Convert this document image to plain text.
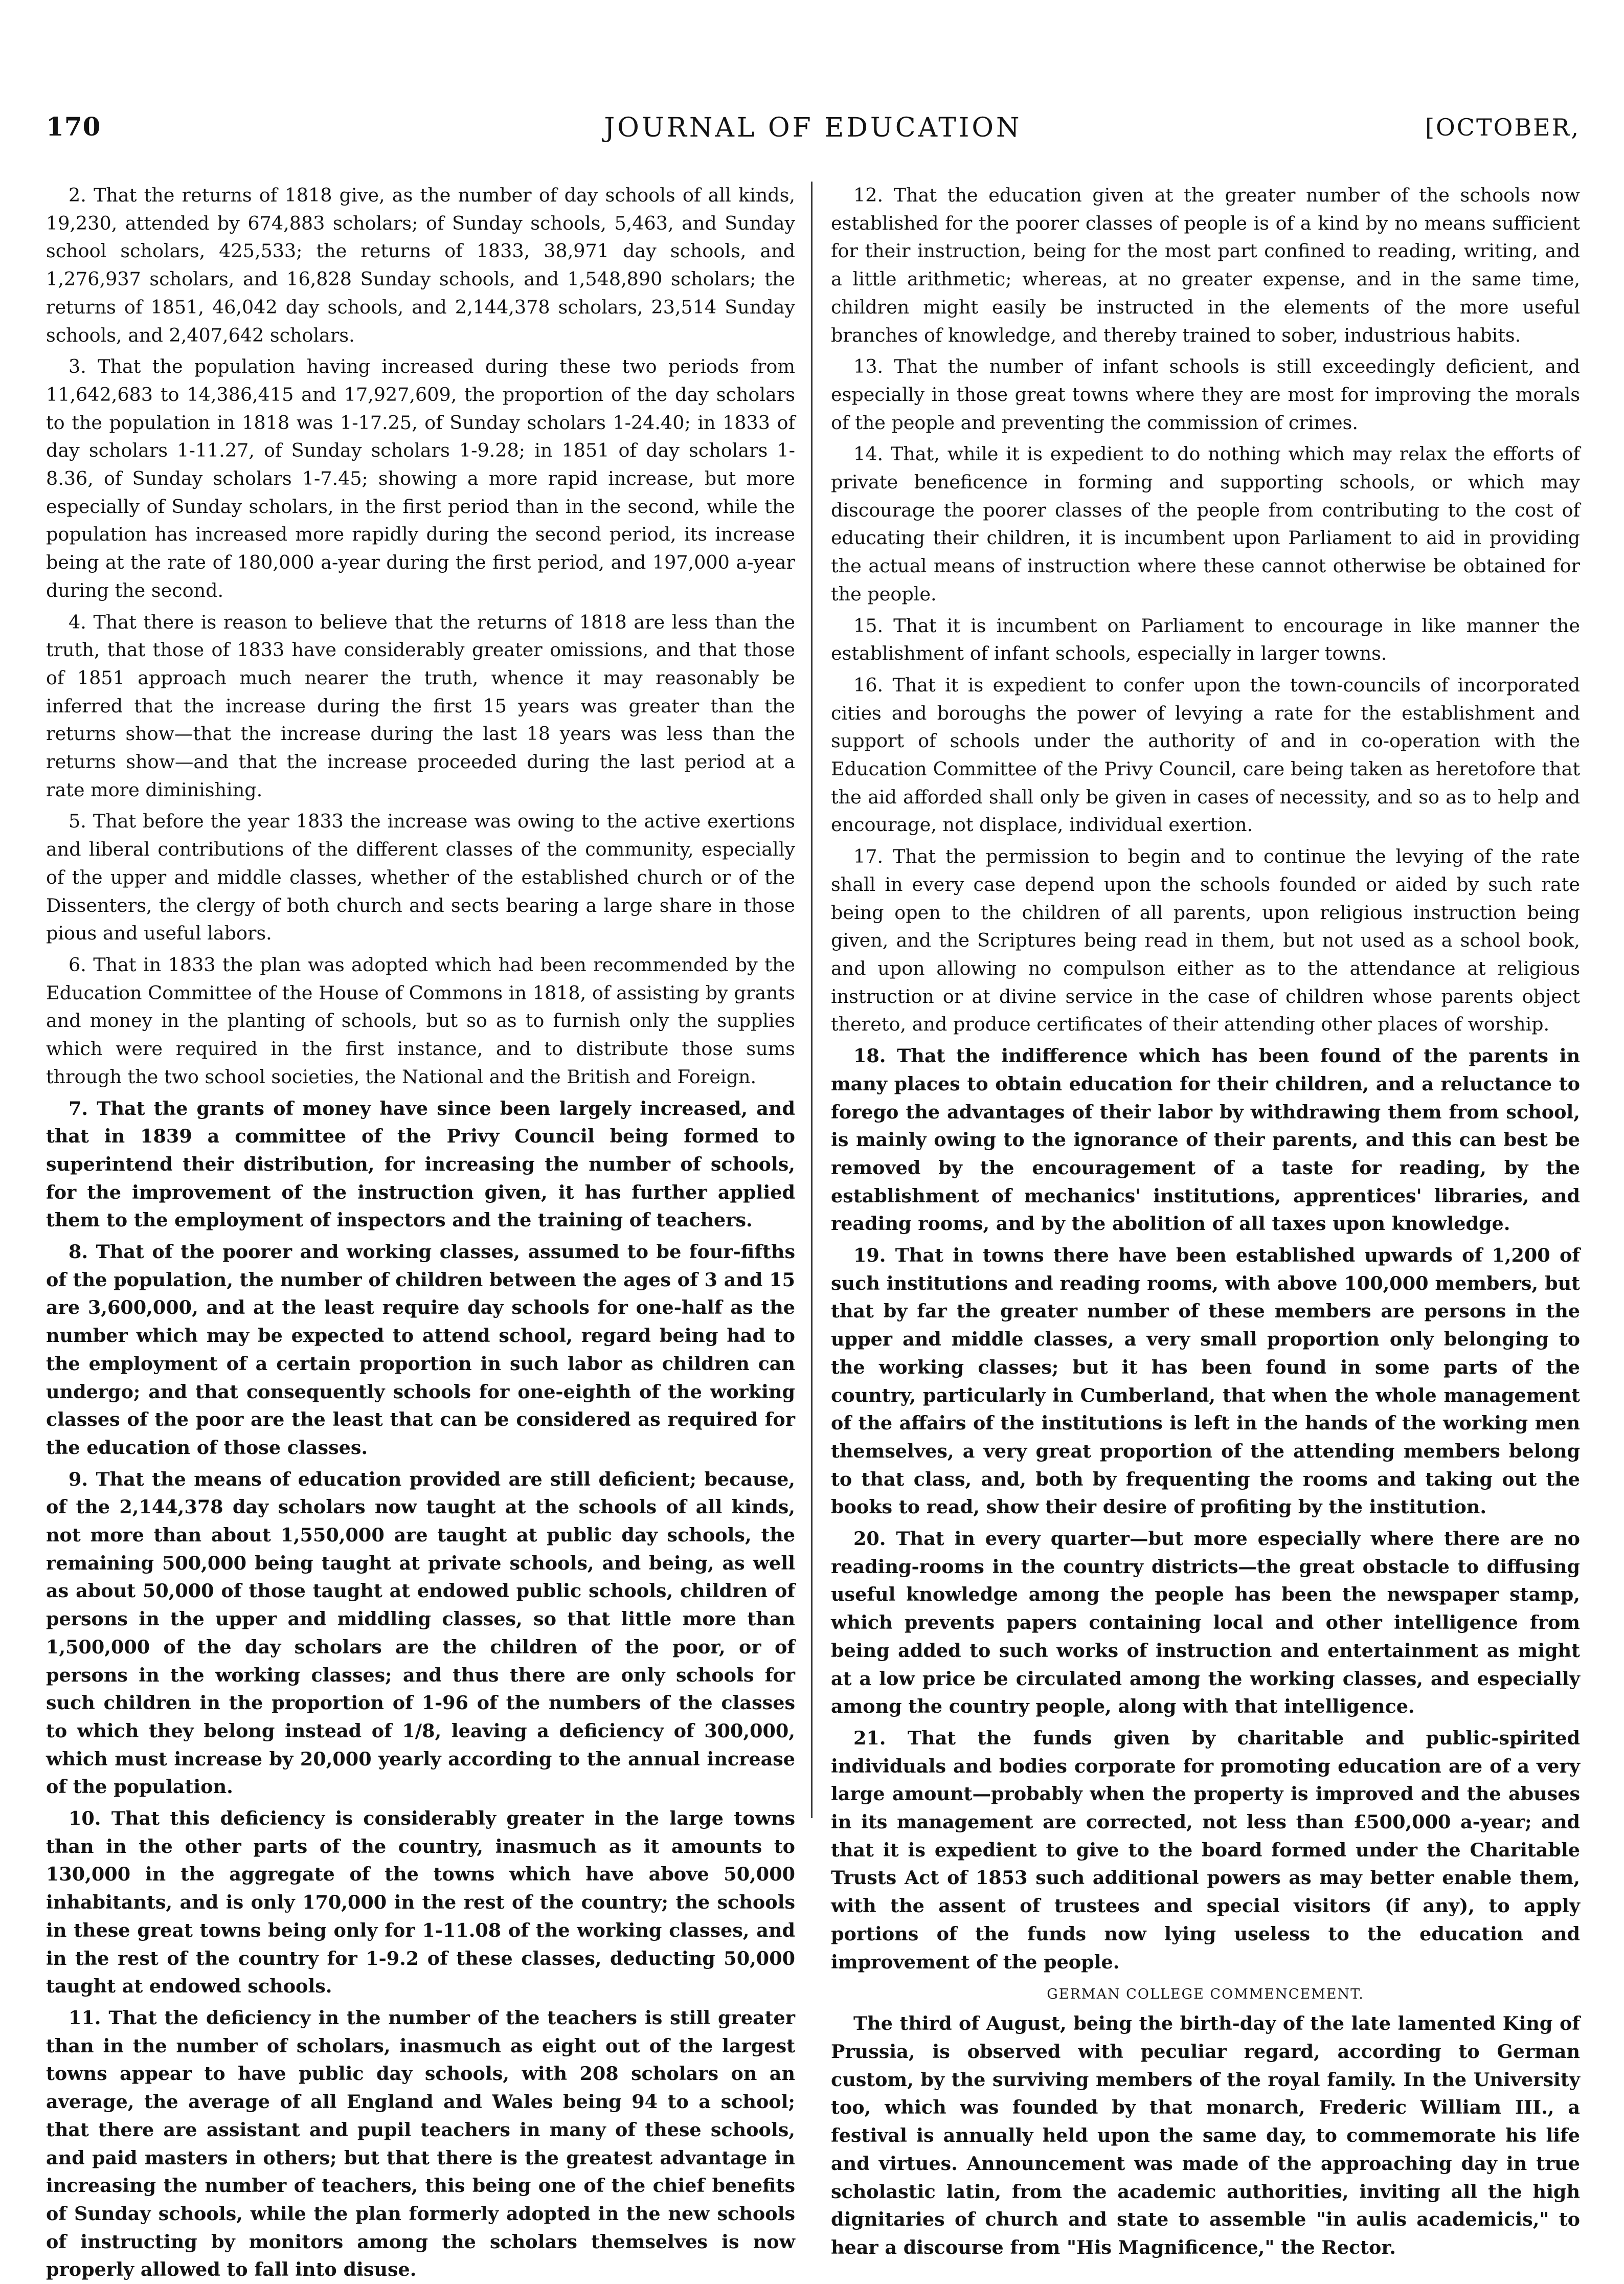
170	JOURNAL OF EDUCATION	[OCTOBER,

2. That the returns of 1818 give, as the number of day schools of all kinds, 19,230, attended by 674,883 scholars; of Sunday schools, 5,463, and Sunday school scholars, 425,533; the returns of 1833, 38,971 day schools, and 1,276,937 scholars, and 16,828 Sunday schools, and 1,548,890 scholars; the returns of 1851, 46,042 day schools, and 2,144,378 scholars, 23,514 Sunday schools, and 2,407,642 scholars.

3. That the population having increased during these two periods from 11,642,683 to 14,386,415 and 17,927,609, the proportion of the day scholars to the population in 1818 was 1-17.25, of Sunday scholars 1-24.40; in 1833 of day scholars 1-11.27, of Sunday scholars 1-9.28; in 1851 of day scholars 1-8.36, of Sunday scholars 1-7.45; showing a more rapid increase, but more especially of Sunday scholars, in the first period than in the second, while the population has increased more rapidly during the second period, its increase being at the rate of 180,000 a-year during the first period, and 197,000 a-year during the second.

4. That there is reason to believe that the returns of 1818 are less than the truth, that those of 1833 have considerably greater omissions, and that those of 1851 approach much nearer the truth, whence it may reasonably be inferred that the increase during the first 15 years was greater than the returns show—that the increase during the last 18 years was less than the returns show—and that the increase proceeded during the last period at a rate more diminishing.

5. That before the year 1833 the increase was owing to the active exertions and liberal contributions of the different classes of the community, especially of the upper and middle classes, whether of the established church or of the Dissenters, the clergy of both church and sects bearing a large share in those pious and useful labors.

6. That in 1833 the plan was adopted which had been recommended by the Education Committee of the House of Commons in 1818, of assisting by grants and money in the planting of schools, but so as to furnish only the supplies which were required in the first instance, and to distribute those sums through the two school societies, the National and the British and Foreign.

7. That the grants of money have since been largely increased, and that in 1839 a committee of the Privy Council being formed to superintend their distribution, for increasing the number of schools, for the improvement of the instruction given, it has further applied them to the employment of inspectors and the training of teachers.

8. That of the poorer and working classes, assumed to be four-fifths of the population, the number of children between the ages of 3 and 15 are 3,600,000, and at the least require day schools for one-half as the number which may be expected to attend school, regard being had to the employment of a certain proportion in such labor as children can undergo; and that consequently schools for one-eighth of the working classes of the poor are the least that can be considered as required for the education of those classes.

9. That the means of education provided are still deficient; because, of the 2,144,378 day scholars now taught at the schools of all kinds, not more than about 1,550,000 are taught at public day schools, the remaining 500,000 being taught at private schools, and being, as well as about 50,000 of those taught at endowed public schools, children of persons in the upper and middling classes, so that little more than 1,500,000 of the day scholars are the children of the poor, or of persons in the working classes; and thus there are only schools for such children in the proportion of 1-96 of the numbers of the classes to which they belong instead of 1/8, leaving a deficiency of 300,000, which must increase by 20,000 yearly according to the annual increase of the population.

10. That this deficiency is considerably greater in the large towns than in the other parts of the country, inasmuch as it amounts to 130,000 in the aggregate of the towns which have above 50,000 inhabitants, and is only 170,000 in the rest of the country; the schools in these great towns being only for 1-11.08 of the working classes, and in the rest of the country for 1-9.2 of these classes, deducting 50,000 taught at endowed schools.

11. That the deficiency in the number of the teachers is still greater than in the number of scholars, inasmuch as eight out of the largest towns appear to have public day schools, with 208 scholars on an average, the average of all England and Wales being 94 to a school; that there are assistant and pupil teachers in many of these schools, and paid masters in others; but that there is the greatest advantage in increasing the number of teachers, this being one of the chief benefits of Sunday schools, while the plan formerly adopted in the new schools of instructing by monitors among the scholars themselves is now properly allowed to fall into disuse.

12. That the education given at the greater number of the schools now established for the poorer classes of people is of a kind by no means sufficient for their instruction, being for the most part confined to reading, writing, and a little arithmetic; whereas, at no greater expense, and in the same time, children might easily be instructed in the elements of the more useful branches of knowledge, and thereby trained to sober, industrious habits.

13. That the number of infant schools is still exceedingly deficient, and especially in those great towns where they are most for improving the morals of the people and preventing the commission of crimes.

14. That, while it is expedient to do nothing which may relax the efforts of private beneficence in forming and supporting schools, or which may discourage the poorer classes of the people from contributing to the cost of educating their children, it is incumbent upon Parliament to aid in providing the actual means of instruction where these cannot otherwise be obtained for the people.

15. That it is incumbent on Parliament to encourage in like manner the establishment of infant schools, especially in larger towns.

16. That it is expedient to confer upon the town-councils of incorporated cities and boroughs the power of levying a rate for the establishment and support of schools under the authority of and in co-operation with the Education Committee of the Privy Council, care being taken as heretofore that the aid afforded shall only be given in cases of necessity, and so as to help and encourage, not displace, individual exertion.

17. That the permission to begin and to continue the levying of the rate shall in every case depend upon the schools founded or aided by such rate being open to the children of all parents, upon religious instruction being given, and the Scriptures being read in them, but not used as a school book, and upon allowing no compulson either as to the attendance at religious instruction or at divine service in the case of children whose parents object thereto, and produce certificates of their attending other places of worship.

18. That the indifference which has been found of the parents in many places to obtain education for their children, and a reluctance to forego the advantages of their labor by withdrawing them from school, is mainly owing to the ignorance of their parents, and this can best be removed by the encouragement of a taste for reading, by the establishment of mechanics' institutions, apprentices' libraries, and reading rooms, and by the abolition of all taxes upon knowledge.

19. That in towns there have been established upwards of 1,200 of such institutions and reading rooms, with above 100,000 members, but that by far the greater number of these members are persons in the upper and middle classes, a very small proportion only belonging to the working classes; but it has been found in some parts of the country, particularly in Cumberland, that when the whole management of the affairs of the institutions is left in the hands of the working men themselves, a very great proportion of the attending members belong to that class, and, both by frequenting the rooms and taking out the books to read, show their desire of profiting by the institution.

20. That in every quarter—but more especially where there are no reading-rooms in the country districts—the great obstacle to diffusing useful knowledge among the people has been the newspaper stamp, which prevents papers containing local and other intelligence from being added to such works of instruction and entertainment as might at a low price be circulated among the working classes, and especially among the country people, along with that intelligence.

21. That the funds given by charitable and public-spirited individuals and bodies corporate for promoting education are of a very large amount—probably when the property is improved and the abuses in its management are corrected, not less than £500,000 a-year; and that it is expedient to give to the board formed under the Charitable Trusts Act of 1853 such additional powers as may better enable them, with the assent of trustees and special visitors (if any), to apply portions of the funds now lying useless to the education and improvement of the people.

GERMAN COLLEGE COMMENCEMENT.

The third of August, being the birth-day of the late lamented King of Prussia, is observed with peculiar regard, according to German custom, by the surviving members of the royal family. In the University too, which was founded by that monarch, Frederic William III., a festival is annually held upon the same day, to commemorate his life and virtues. Announcement was made of the approaching day in true scholastic latin, from the academic authorities, inviting all the high dignitaries of church and state to assemble "in aulis academicis," to hear a discourse from "His Magnificence," the Rector.
